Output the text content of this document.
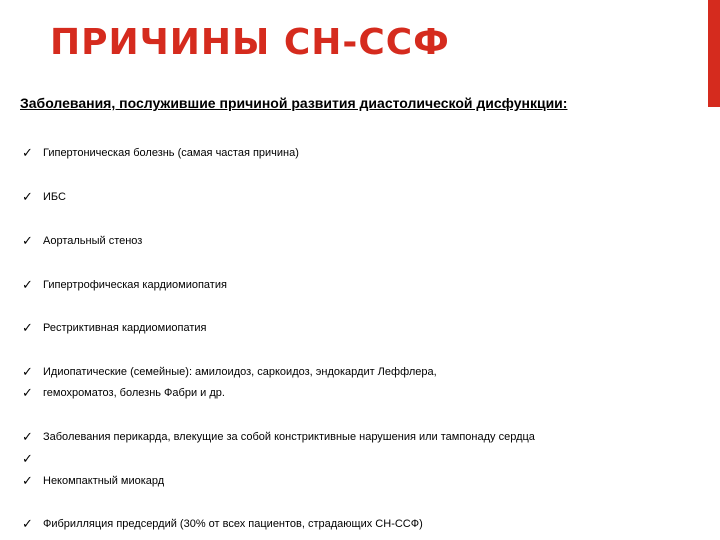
ПРИЧИНЫ СН-ССФ
Заболевания, послужившие причиной развития диастолической дисфункции:
✓ Гипертоническая болезнь (самая частая причина)
✓ ИБС
✓ Аортальный стеноз
✓ Гипертрофическая кардиомиопатия
✓ Рестриктивная кардиомиопатия
✓ Идиопатические (семейные): амилоидоз, саркоидоз, эндокардит Леффлера,
✓ гемохроматоз, болезнь Фабри и др.
✓ Заболевания перикарда, влекущие за собой констриктивные нарушения или тампонаду сердца
✓
✓ Некомпактный миокард
✓ Фибрилляция предсердий (30% от всех пациентов, страдающих СН-ССФ)
